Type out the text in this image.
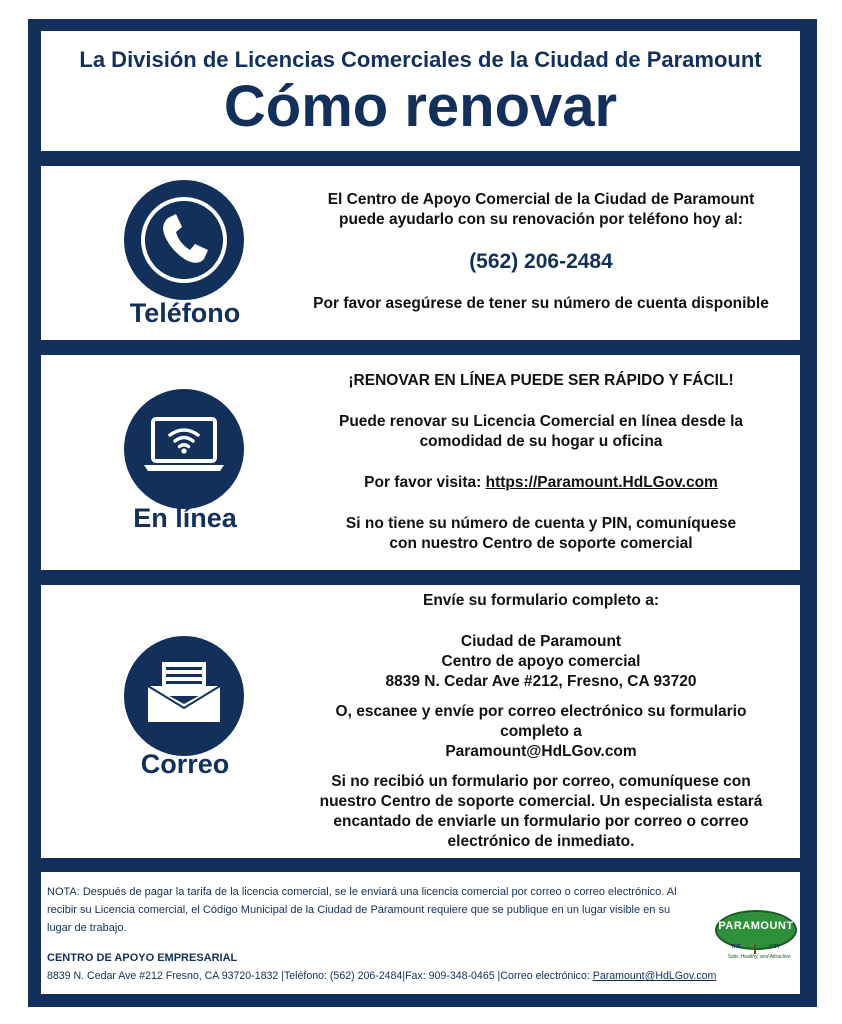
La División de Licencias Comerciales de la Ciudad de Paramount
Cómo renovar
Teléfono

El Centro de Apoyo Comercial de la Ciudad de Paramount

puede ayudarlo con su renovación por teléfono hoy al:

(562) 206-2484

Por favor asegúrese de tener su número de cuenta disponible

En línea

¡RENOVAR EN LÍNEA PUEDE SER RÁPIDO Y FÁCIL!

Puede renovar su Licencia Comercial en línea desde la

comodidad de su hogar u oficina

Por favor visita: https://Paramount.HdLGov.com

Si no tiene su número de cuenta y PIN, comuníquese

con nuestro Centro de soporte comercial

Correo

Envíe su formulario completo a:

Ciudad de Paramount

Centro de apoyo comercial

8839 N. Cedar Ave #212, Fresno, CA 93720

O, escanee y envíe por correo electrónico su formulario

completo a

Paramount@HdLGov.com

Si no recibió un formulario por correo, comuníquese con

nuestro Centro de soporte comercial. Un especialista estará

encantado de enviarle un formulario por correo o correo

electrónico de inmediato.

NOTA: Después de pagar la tarifa de la licencia comercial, se le enviará una licencia comercial por correo o correo electrónico. Al
recibir su Licencia comercial, el Código Municipal de la Ciudad de Paramount requiere que se publique en un lugar visible en su
lugar de trabajo.	PARAMOUNT
THE	CITY
Safe, Healthy, and Attractive
CENTRO DE APOYO EMPRESARIAL
8839 N. Cedar Ave #212 Fresno, CA 93720-1832 |Teléfono: (562) 206-2484|Fax: 909-348-0465 |Correo electrónico: Paramount@HdLGov.com
